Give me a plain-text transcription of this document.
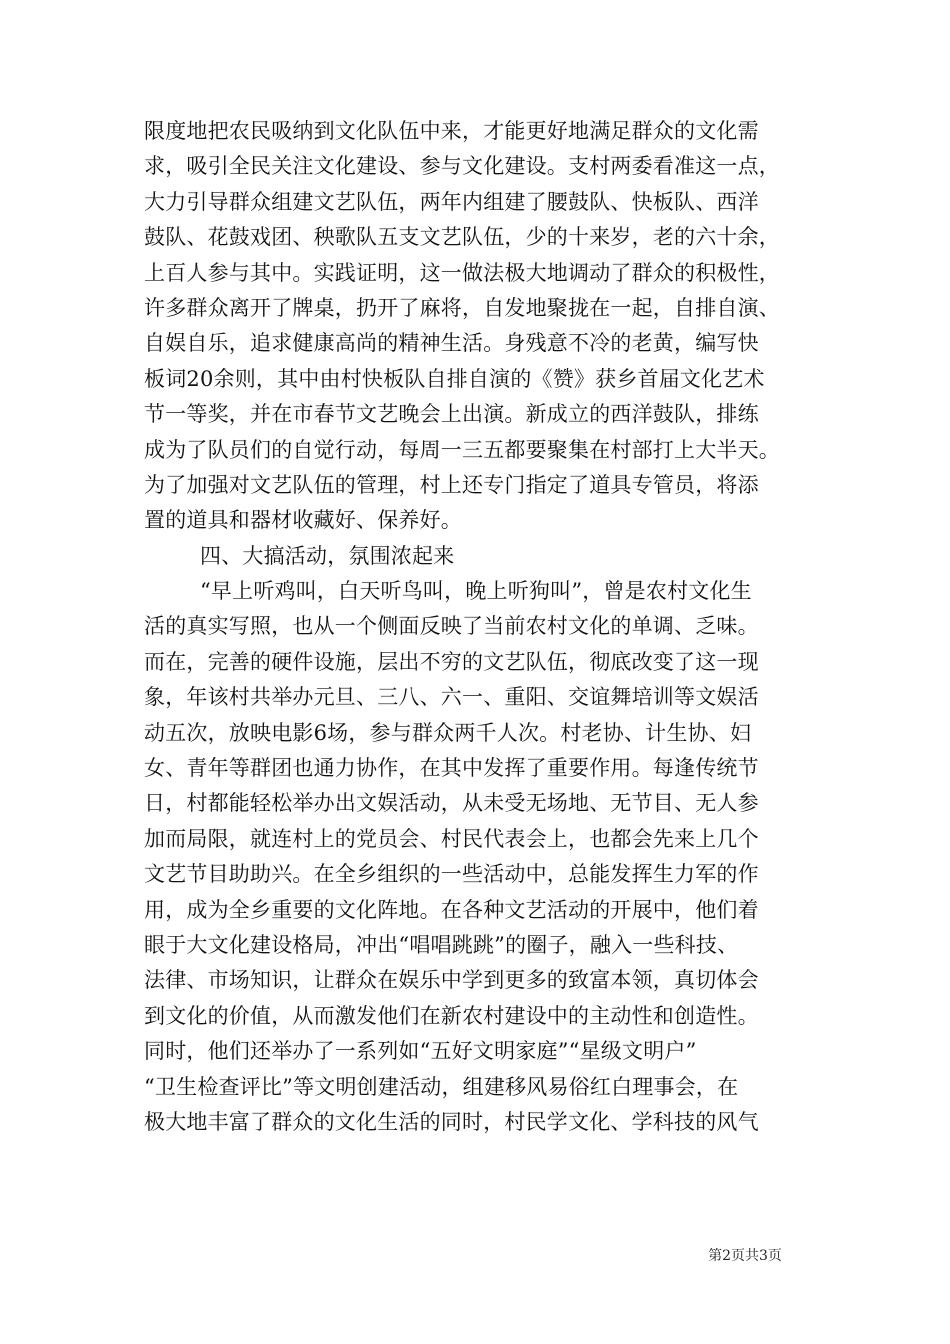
限度地把农民吸纳到文化队伍中来，才能更好地满足群众的文化需
求，吸引全民关注文化建设、参与文化建设。支村两委看准这一点，
大力引导群众组建文艺队伍，两年内组建了腰鼓队、快板队、西洋
鼓队、花鼓戏团、秧歌队五支文艺队伍，少的十来岁，老的六十余，
上百人参与其中。实践证明，这一做法极大地调动了群众的积极性，
许多群众离开了牌桌，扔开了麻将，自发地聚拢在一起，自排自演、
自娱自乐，追求健康高尚的精神生活。身残意不冷的老黄，编写快
板词20余则，其中由村快板队自排自演的《赞》获乡首届文化艺术
节一等奖，并在市春节文艺晚会上出演。新成立的西洋鼓队，排练
成为了队员们的自觉行动，每周一三五都要聚集在村部打上大半天。
为了加强对文艺队伍的管理，村上还专门指定了道具专管员，将添
置的道具和器材收藏好、保养好。
四、大搞活动，氛围浓起来
“早上听鸡叫，白天听鸟叫，晚上听狗叫”，曾是农村文化生
活的真实写照，也从一个侧面反映了当前农村文化的单调、乏味。
而在，完善的硬件设施，层出不穷的文艺队伍，彻底改变了这一现
象，年该村共举办元旦、三八、六一、重阳、交谊舞培训等文娱活
动五次，放映电影6场，参与群众两千人次。村老协、计生协、妇
女、青年等群团也通力协作，在其中发挥了重要作用。每逢传统节
日，村都能轻松举办出文娱活动，从未受无场地、无节目、无人参
加而局限，就连村上的党员会、村民代表会上，也都会先来上几个
文艺节目助助兴。在全乡组织的一些活动中，总能发挥生力军的作
用，成为全乡重要的文化阵地。在各种文艺活动的开展中，他们着
眼于大文化建设格局，冲出“唱唱跳跳”的圈子，融入一些科技、
法律、市场知识，让群众在娱乐中学到更多的致富本领，真切体会
到文化的价值，从而激发他们在新农村建设中的主动性和创造性。
同时，他们还举办了一系列如“五好文明家庭”“星级文明户”
“卫生检查评比”等文明创建活动，组建移风易俗红白理事会，在
极大地丰富了群众的文化生活的同时，村民学文化、学科技的风气
第2页共3页
